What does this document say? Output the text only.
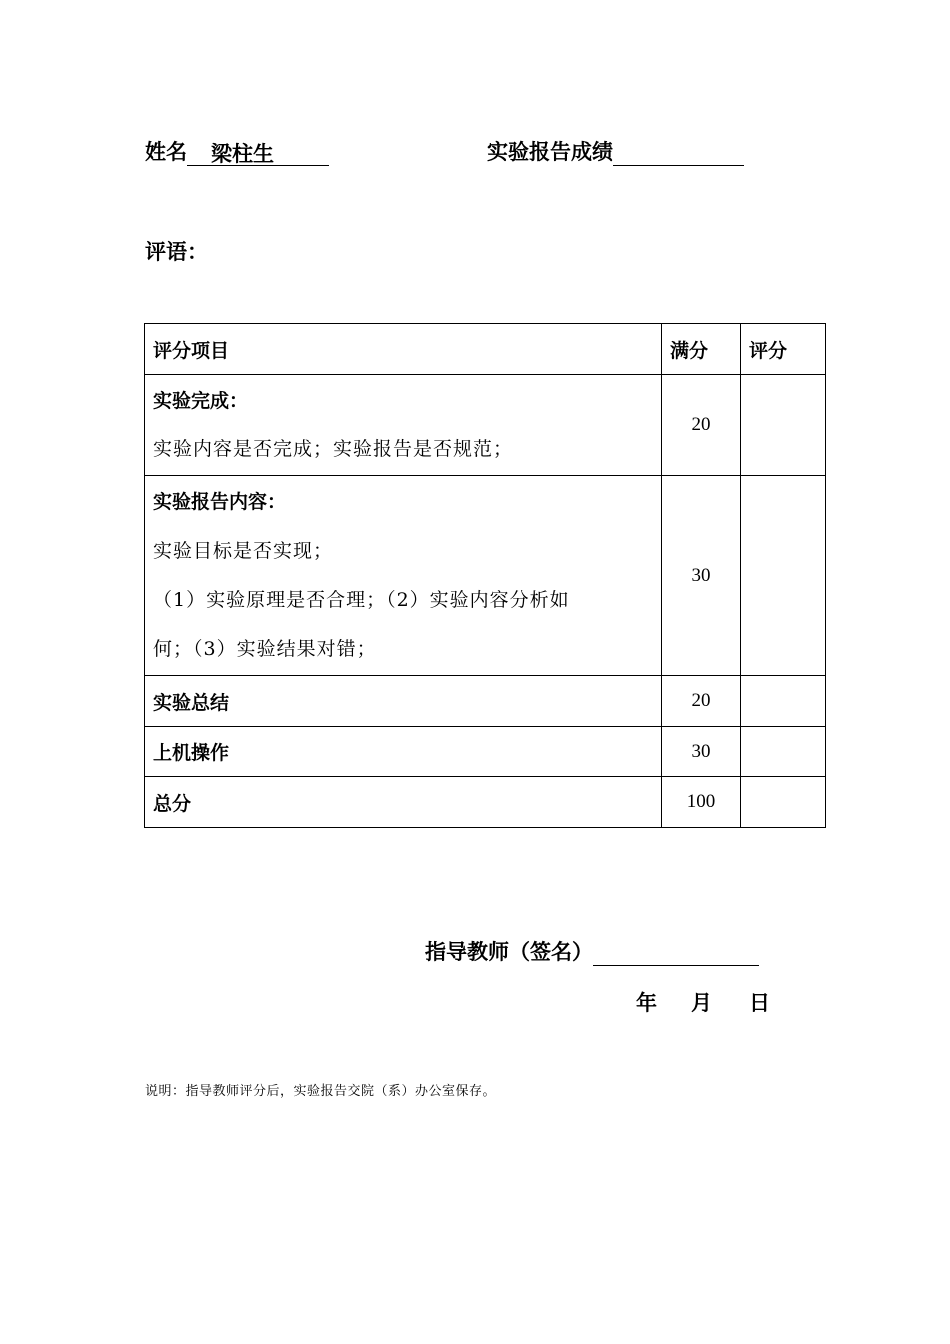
姓名 梁柱生	实验报告成绩
评语：
评分项目	满分	评分

实验完成：
实验内容是否完成；实验报告是否规范；	20	

实验报告内容：
实验目标是否实现；
（1）实验原理是否合理；（2）实验内容分析如
何；（3）实验结果对错；	30	
实验总结	20	
上机操作	30	
总分	100	
指导教师（签名）
年 月 日
说明：指导教师评分后，实验报告交院（系）办公室保存。
